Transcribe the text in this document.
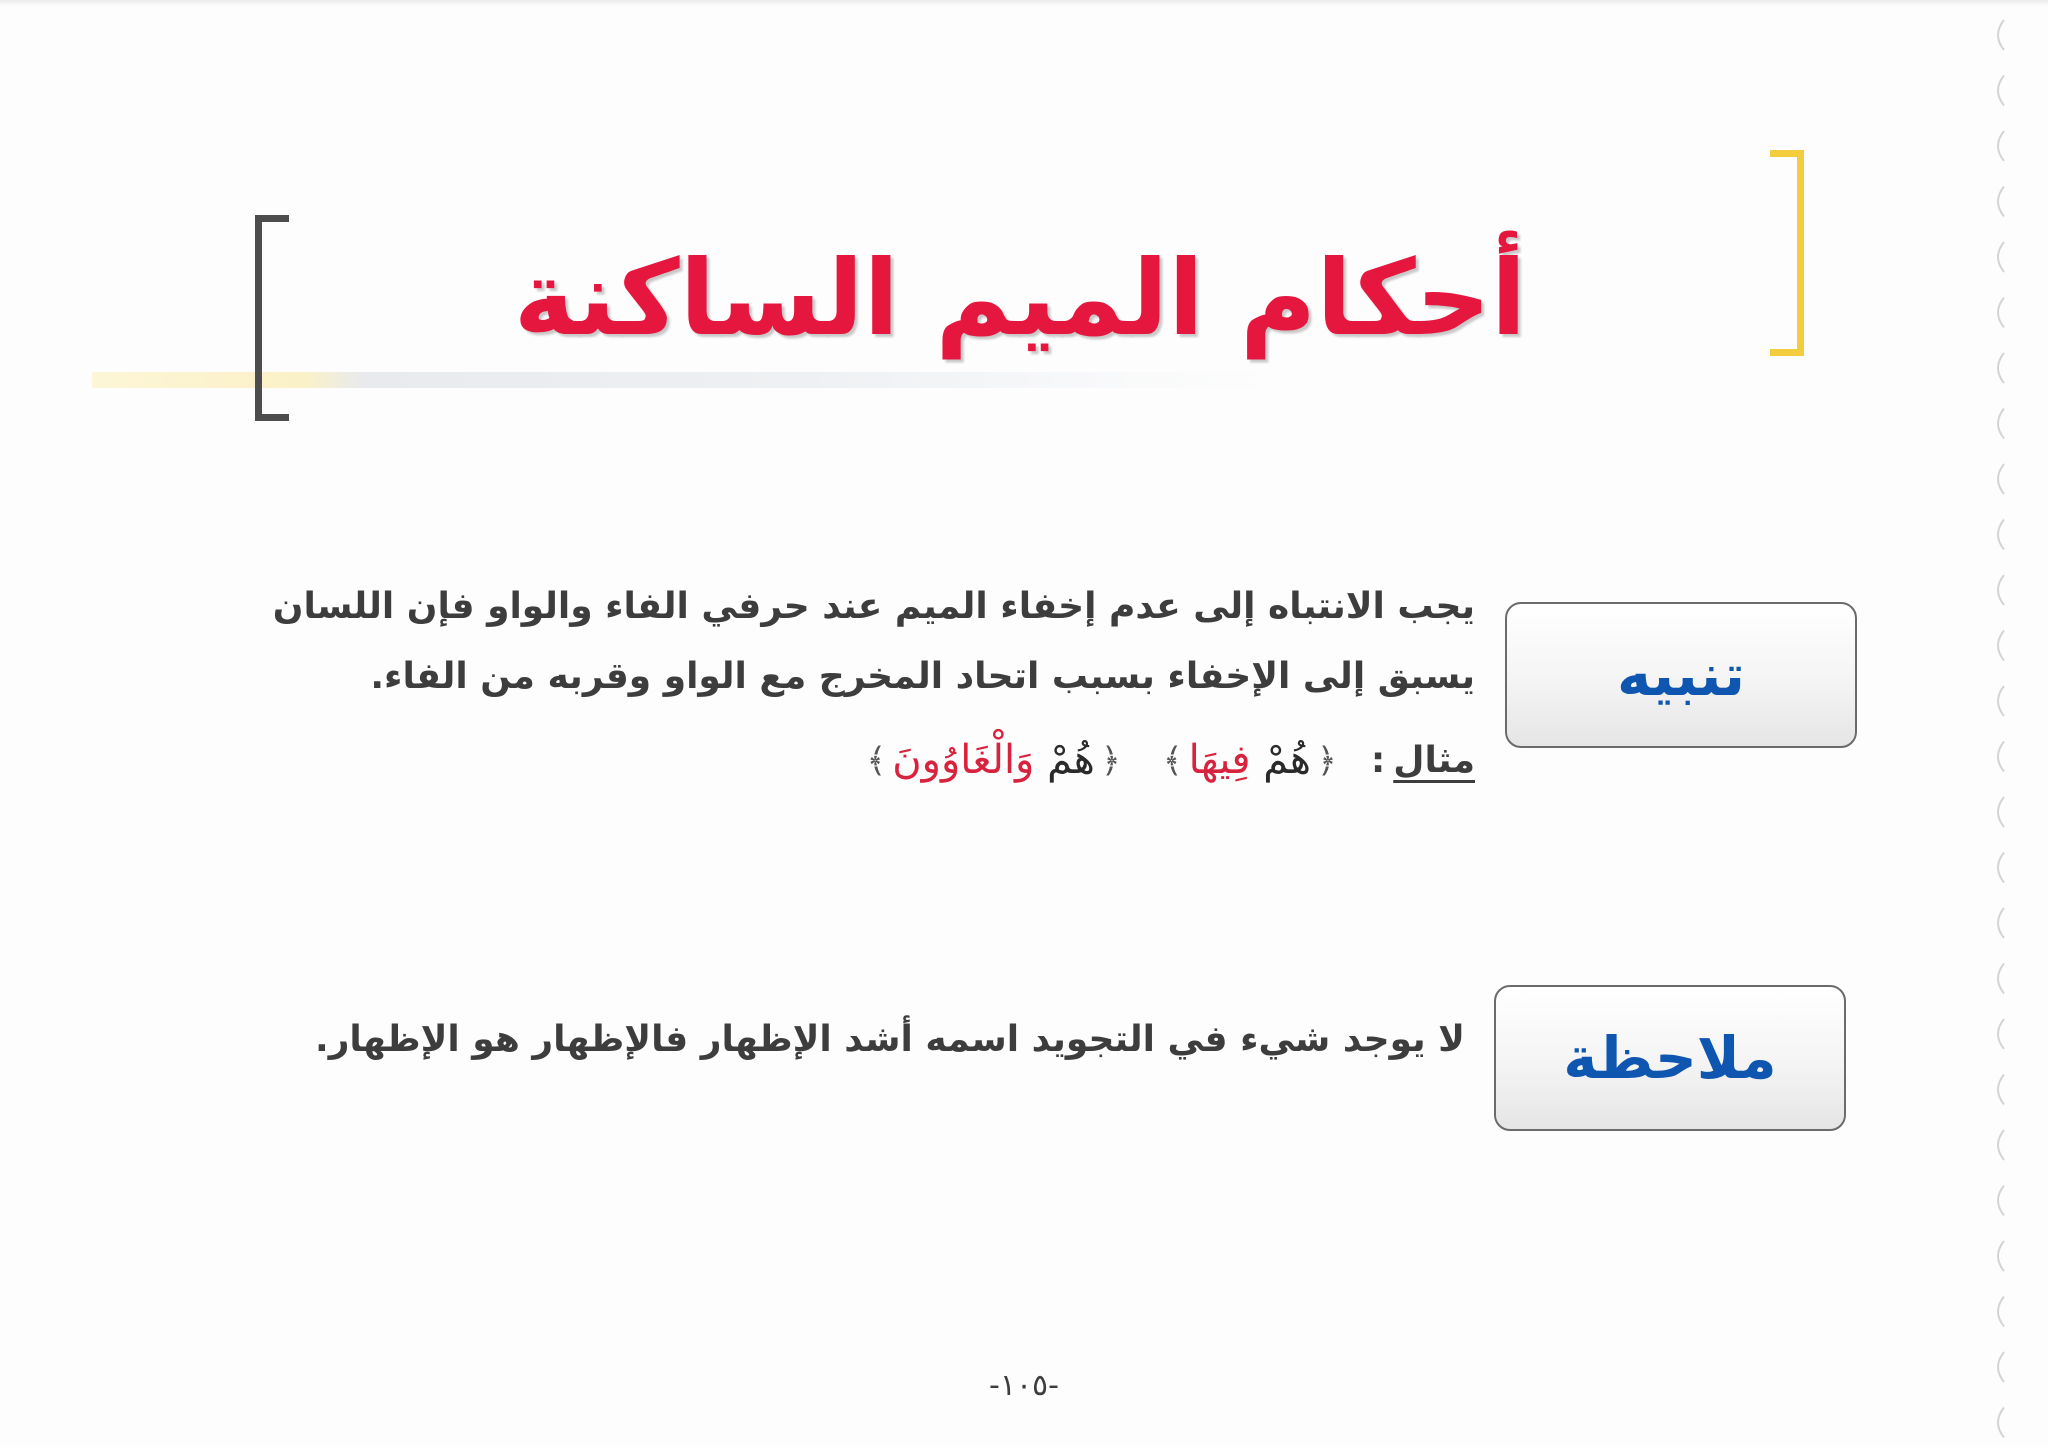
أحكام الميم الساكنة
تنبيه

يجب الانتباه إلى عدم إخفاء الميم عند حرفي الفاء والواو فإن اللسان يسبق إلى الإخفاء بسبب اتحاد المخرج مع الواو وقربه من الفاء.

مثال
:
﴿
هُمْ

فِيهَا
﴾
﴿
هُمْ

وَالْغَاوُونَ
﴾
ملاحظة

لا يوجد شيء في التجويد اسمه أشد الإظهار فالإظهار هو الإظهار.

-١٠٥-
